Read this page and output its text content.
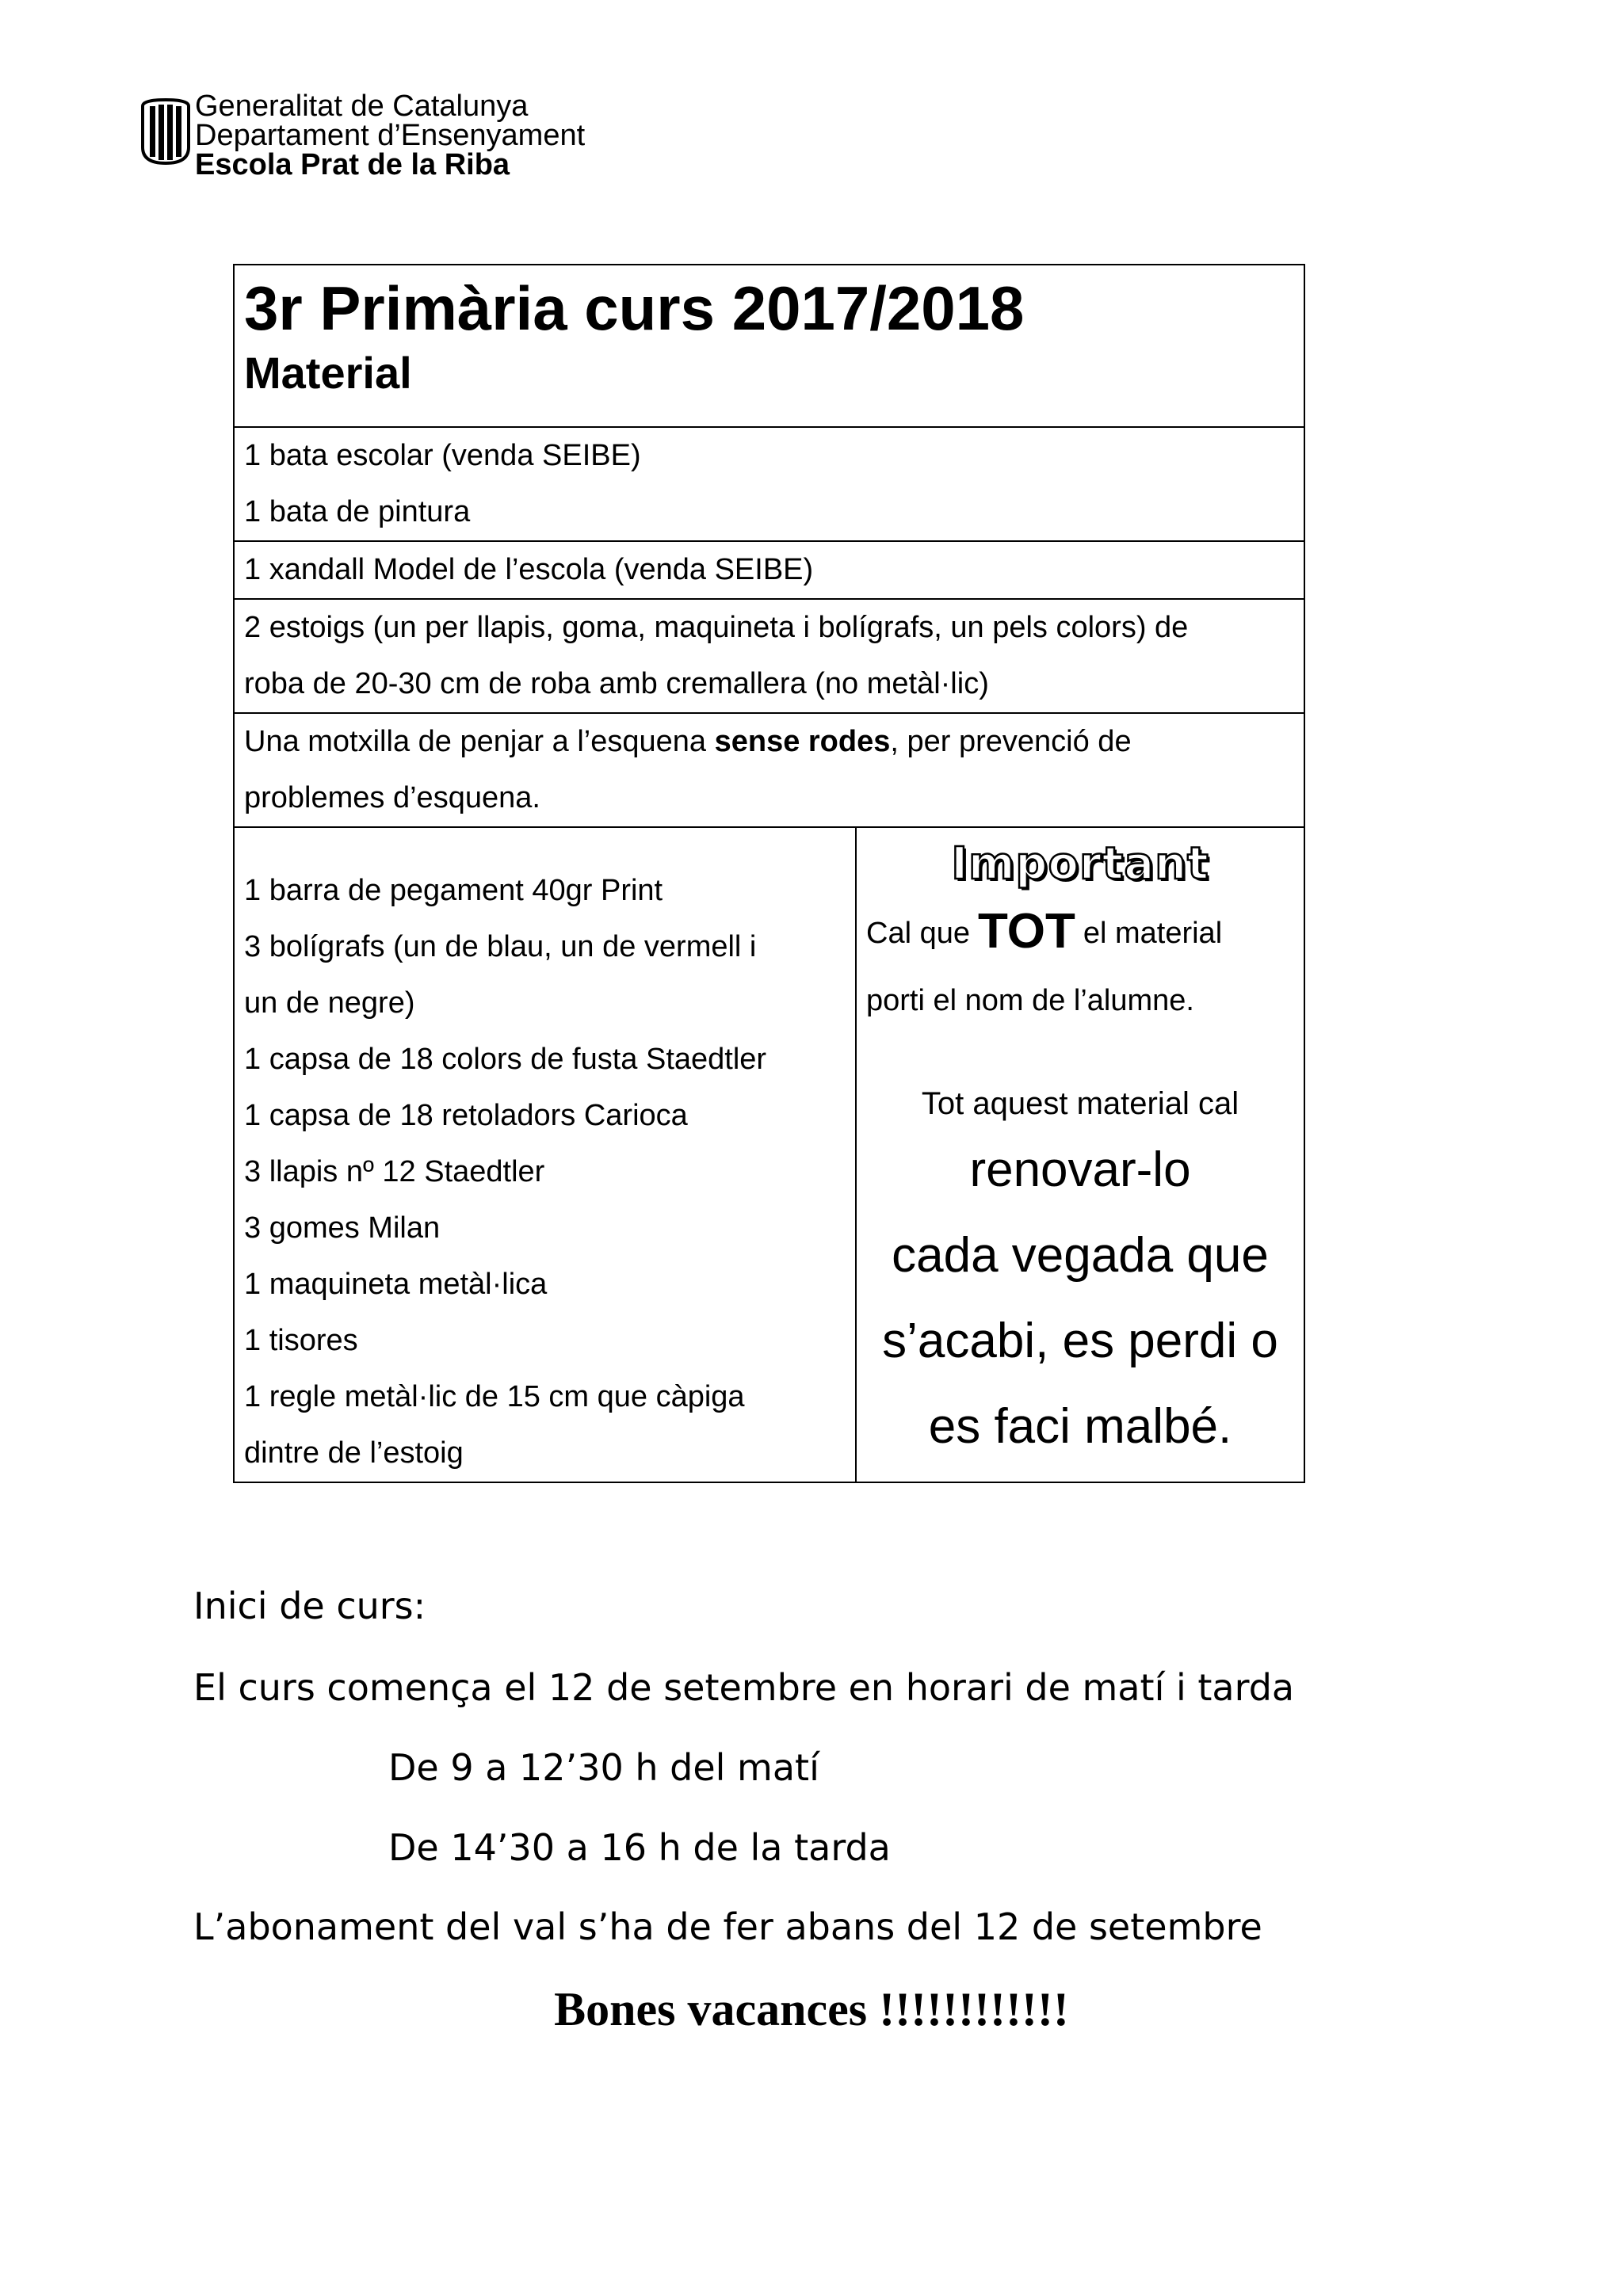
Generalitat de Catalunya
Departament d’Ensenyament
Escola Prat de la Riba
3r Primària curs 2017/2018
Material

1 bata escolar (venda SEIBE)
1 bata de pintura

1 xandall Model de l’escola (venda SEIBE)

2 estoigs (un per llapis, goma, maquineta i bolígrafs, un pels colors) de
roba de 20-30 cm de roba amb cremallera (no metàl·lic)

Una motxilla de penjar a l’esquena sense rodes, per prevenció de
problemes d’esquena.

1 barra de pegament 40gr Print
3 bolígrafs (un de blau, un de vermell i
un de negre)
1 capsa de 18 colors de fusta Staedtler
1 capsa de 18 retoladors Carioca
3 llapis nº 12 Staedtler
3 gomes Milan
1 maquineta metàl·lica
1 tisores
1 regle metàl·lic de 15 cm que càpiga
dintre de l’estoig

Important
Cal que TOT el material
porti el nom de l’alumne.
Tot aquest material cal
renovar-lo
cada vegada que
s’acabi, es perdi o
es faci malbé.
Inici de curs:
El curs comença el 12 de setembre en horari de matí i tarda
De 9 a 12’30 h del matí
De 14’30 a 16 h de la tarda
L’abonament del val s’ha de fer abans del 12 de setembre
Bones vacances !!!!!!!!!!!!
